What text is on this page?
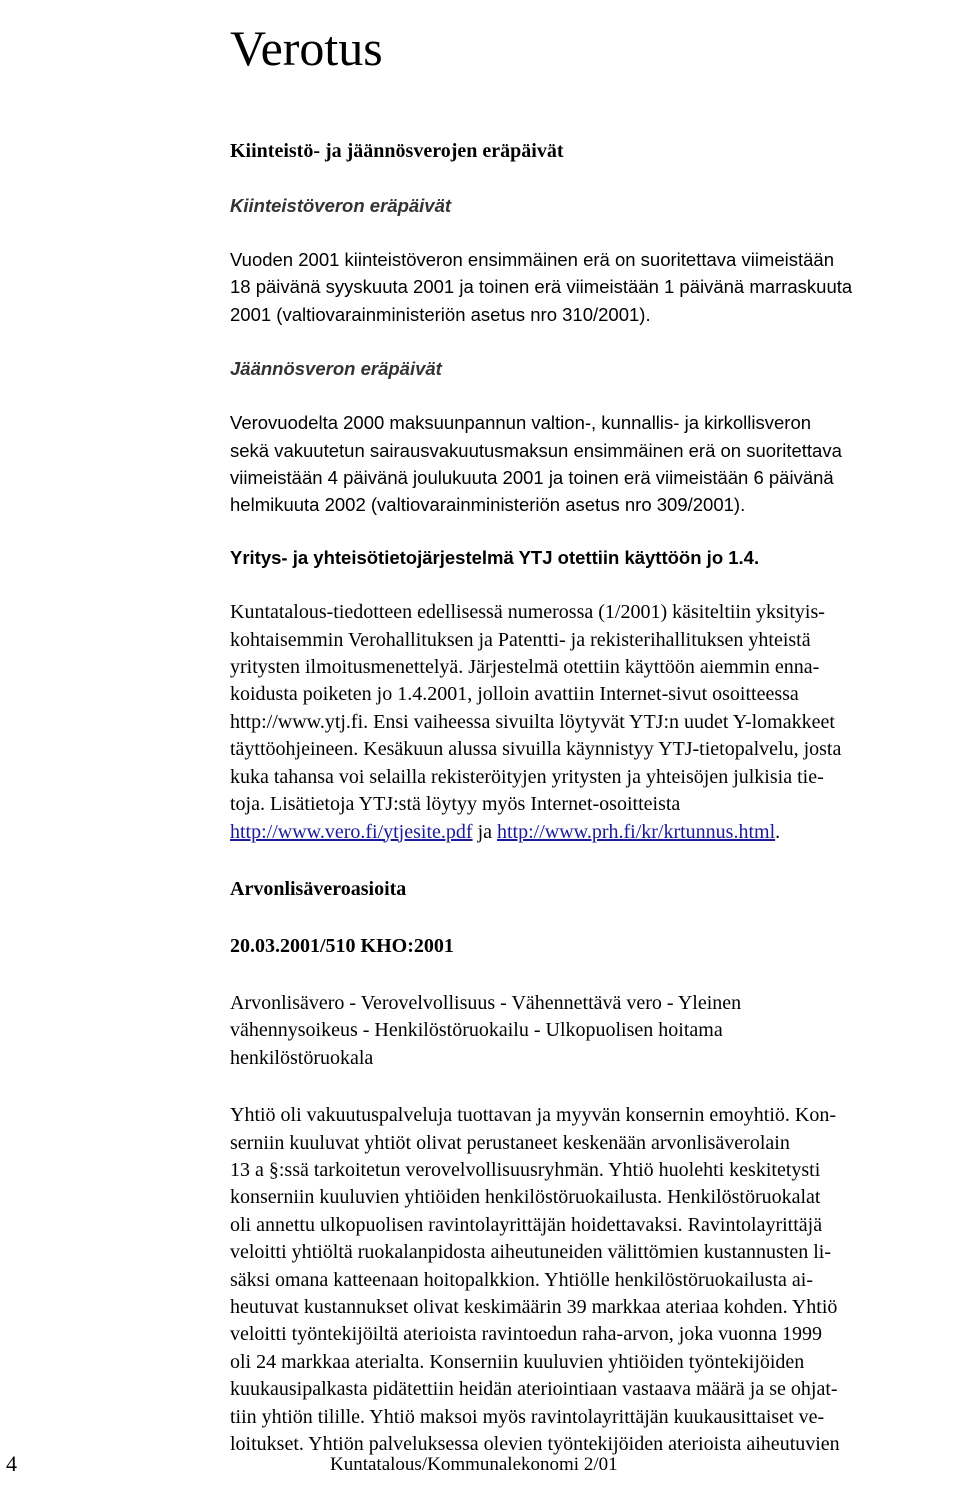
Verotus
Kiinteistö- ja jäännösverojen eräpäivät
Kiinteistöveron eräpäivät
Vuoden 2001 kiinteistöveron ensimmäinen erä on suoritettava viimeistään
18 päivänä syyskuuta 2001 ja toinen erä viimeistään 1 päivänä marraskuuta
2001 (valtiovarainministeriön asetus nro 310/2001).
Jäännösveron eräpäivät
Verovuodelta 2000 maksuunpannun valtion-, kunnallis- ja kirkollisveron
sekä vakuutetun sairausvakuutusmaksun ensimmäinen erä on suoritettava
viimeistään 4 päivänä joulukuuta 2001 ja toinen erä viimeistään 6 päivänä
helmikuuta 2002 (valtiovarainministeriön asetus nro 309/2001).
Yritys- ja yhteisötietojärjestelmä YTJ otettiin käyttöön jo 1.4.
Kuntatalous-tiedotteen edellisessä numerossa (1/2001) käsiteltiin yksityis-
kohtaisemmin Verohallituksen ja Patentti- ja rekisterihallituksen yhteistä
yritysten ilmoitusmenettelyä. Järjestelmä otettiin käyttöön aiemmin enna-
koidusta poiketen jo 1.4.2001, jolloin avattiin Internet-sivut osoitteessa
http://www.ytj.fi. Ensi vaiheessa sivuilta löytyvät YTJ:n uudet Y-lomakkeet
täyttöohjeineen. Kesäkuun alussa sivuilla käynnistyy YTJ-tietopalvelu, josta
kuka tahansa voi selailla rekisteröityjen yritysten ja yhteisöjen julkisia tie-
toja. Lisätietoja YTJ:stä löytyy myös Internet-osoitteista
http://www.vero.fi/ytjesite.pdf ja http://www.prh.fi/kr/krtunnus.html.
Arvonlisäveroasioita
20.03.2001/510 KHO:2001
Arvonlisävero - Verovelvollisuus - Vähennettävä vero - Yleinen
vähennysoikeus - Henkilöstöruokailu - Ulkopuolisen hoitama
henkilöstöruokala
Yhtiö oli vakuutuspalveluja tuottavan ja myyvän konsernin emoyhtiö. Kon-
serniin kuuluvat yhtiöt olivat perustaneet keskenään arvonlisäverolain
13 a §:ssä tarkoitetun verovelvollisuusryhmän. Yhtiö huolehti keskitetysti
konserniin kuuluvien yhtiöiden henkilöstöruokailusta. Henkilöstöruokalat
oli annettu ulkopuolisen ravintolayrittäjän hoidettavaksi. Ravintolayrittäjä
veloitti yhtiöltä ruokalanpidosta aiheutuneiden välittömien kustannusten li-
säksi omana katteenaan hoitopalkkion. Yhtiölle henkilöstöruokailusta ai-
heutuvat kustannukset olivat keskimäärin 39 markkaa ateriaa kohden. Yhtiö
veloitti työntekijöiltä aterioista ravintoedun raha-arvon, joka vuonna 1999
oli 24 markkaa aterialta. Konserniin kuuluvien yhtiöiden työntekijöiden
kuukausipalkasta pidätettiin heidän ateriointiaan vastaava määrä ja se ohjat-
tiin yhtiön tilille. Yhtiö maksoi myös ravintolayrittäjän kuukausittaiset ve-
loitukset. Yhtiön palveluksessa olevien työntekijöiden aterioista aiheutuvien
4	Kuntatalous/Kommunalekonomi 2/01
